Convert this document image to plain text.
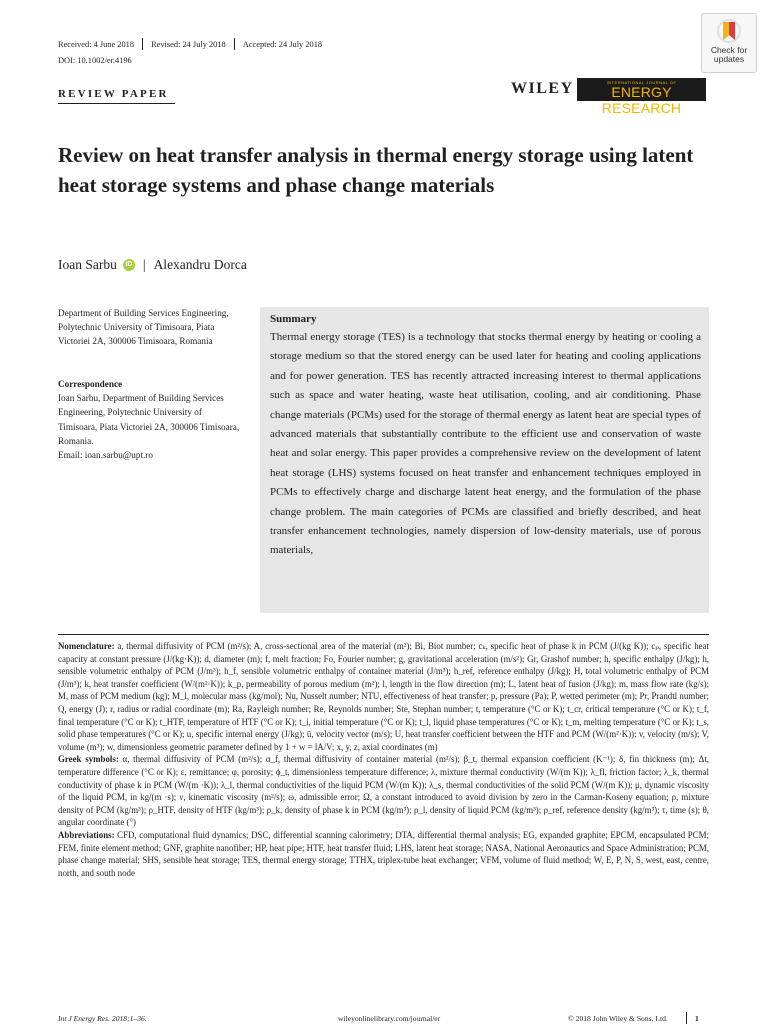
Received: 4 June 2018 Revised: 24 July 2018 Accepted: 24 July 2018
DOI: 10.1002/er.4196
Check for
updates
REVIEW PAPER	WILEY	INTERNATIONAL JOURNAL OF
ENERGY RESEARCH
Review on heat transfer analysis in thermal energy storage using latent heat storage systems and phase change materials
Ioan Sarbu	iD | Alexandru Dorca

Department of Building Services Engineering, Polytechnic University of Timisoara, Piata Victoriei 2A, 300006 Timisoara, Romania

Correspondence

Ioan Sarbu, Department of Building Services Engineering, Polytechnic University of Timisoara, Piata Victoriei 2A, 300006 Timisoara, Romania.

Email: ioan.sarbu@upt.ro

Summary

Thermal energy storage (TES) is a technology that stocks thermal energy by heating or cooling a storage medium so that the stored energy can be used later for heating and cooling applications and for power generation. TES has recently attracted increasing interest to thermal applications such as space and water heating, waste heat utilisation, cooling, and air conditioning. Phase change materials (PCMs) used for the storage of thermal energy as latent heat are special types of advanced materials that substantially contribute to the efficient use and conservation of waste heat and solar energy. This paper provides a comprehensive review on the development of latent heat storage (LHS) systems focused on heat transfer and enhancement techniques employed in PCMs to effectively charge and discharge latent heat energy, and the formulation of the phase change problem. The main categories of PCMs are classified and briefly described, and heat transfer enhancement technologies, namely dispersion of low-density materials, use of porous materials,

Nomenclature: a, thermal diffusivity of PCM (m²/s); A, cross-sectional area of the material (m²); Bi, Biot number; cₖ, specific heat of phase k in PCM (J/(kg K)); cₚ, specific heat capacity at constant pressure (J/(kg·K)); d, diameter (m); f, melt fraction; Fo, Fourier number; g, gravitational acceleration (m/s²); Gr, Grashof number; h, specific enthalpy (J/kg); h, sensible volumetric enthalpy of PCM (J/m³); h_f, sensible volumetric enthalpy of container material (J/m³); h_ref, reference enthalpy (J/kg); H, total volumetric enthalpy of PCM (J/m³); k, heat transfer coefficient (W/(m²·K)); k_p, permeability of porous medium (m²); l, length in the flow direction (m); L, latent heat of fusion (J/kg); m, mass flow rate (kg/s); M, mass of PCM medium (kg); M_l, molecular mass (kg/mol); Nu, Nusselt number; NTU, effectiveness of heat transfer; p, pressure (Pa); P, wetted perimeter (m); Pr, Prandtl number; Q, energy (J); r, radius or radial coordinate (m); Ra, Rayleigh number; Re, Reynolds number; Ste, Stephan number; t, temperature (°C or K); t_cr, critical temperature (°C or K); t_f, final temperature (°C or K); t_HTF, temperature of HTF (°C or K); t_i, initial temperature (°C or K); t_l, liquid phase temperatures (°C or K); t_m, melting temperature (°C or K); t_s, solid phase temperatures (°C or K); u, specific internal energy (J/kg); ū, velocity vector (m/s); U, heat transfer coefficient between the HTF and PCM (W/(m²·K)); v, velocity (m/s); V, volume (m³); w, dimensionless geometric parameter defined by 1 + w = lA/V; x, y, z, axial coordinates (m)

Greek symbols: α, thermal diffusivity of PCM (m²/s); α_f, thermal diffusivity of container material (m²/s); β_t, thermal expansion coefficient (K⁻¹); δ, fin thickness (m); Δt, temperature difference (°C or K); ε, remittance; φ, porosity; ϕ_t, dimensionless temperature difference; λ, mixture thermal conductivity (W/(m K)); λ_fl, friction factor; λ_k, thermal conductivity of phase k in PCM (W/(m ·K)); λ_l, thermal conductivities of the liquid PCM (W/(m K)); λ_s, thermal conductivities of the solid PCM (W/(m K)); μ, dynamic viscosity of the liquid PCM, in kg/(m ·s); ν, kinematic viscosity (m²/s); ω, admissible error; Ω, a constant introduced to avoid division by zero in the Carman-Koseny equation; ρ, mixture density of PCM (kg/m³); ρ_HTF, density of HTF (kg/m³); ρ_k, density of phase k in PCM (kg/m³); ρ_l, density of liquid PCM (kg/m³); ρ_ref, reference density (kg/m³); τ, time (s); θ, angular coordinate (°)

Abbreviations: CFD, computational fluid dynamics; DSC, differential scanning calorimetry; DTA, differential thermal analysis; EG, expanded graphite; EPCM, encapsulated PCM; FEM, finite element method; GNF, graphite nanofiber; HP, heat pipe; HTF, heat transfer fluid; LHS, latent heat storage; NASA, National Aeronautics and Space Administration; PCM, phase change material; SHS, sensible heat storage; TES, thermal energy storage; TTHX, triplex-tube heat exchanger; VFM, volume of fluid method; W, E, P, N, S, west, east, centre, north, and south node

Int J Energy Res. 2018;1–36.	wileyonlinelibrary.com/journal/er	© 2018 John Wiley & Sons, Ltd.	1
